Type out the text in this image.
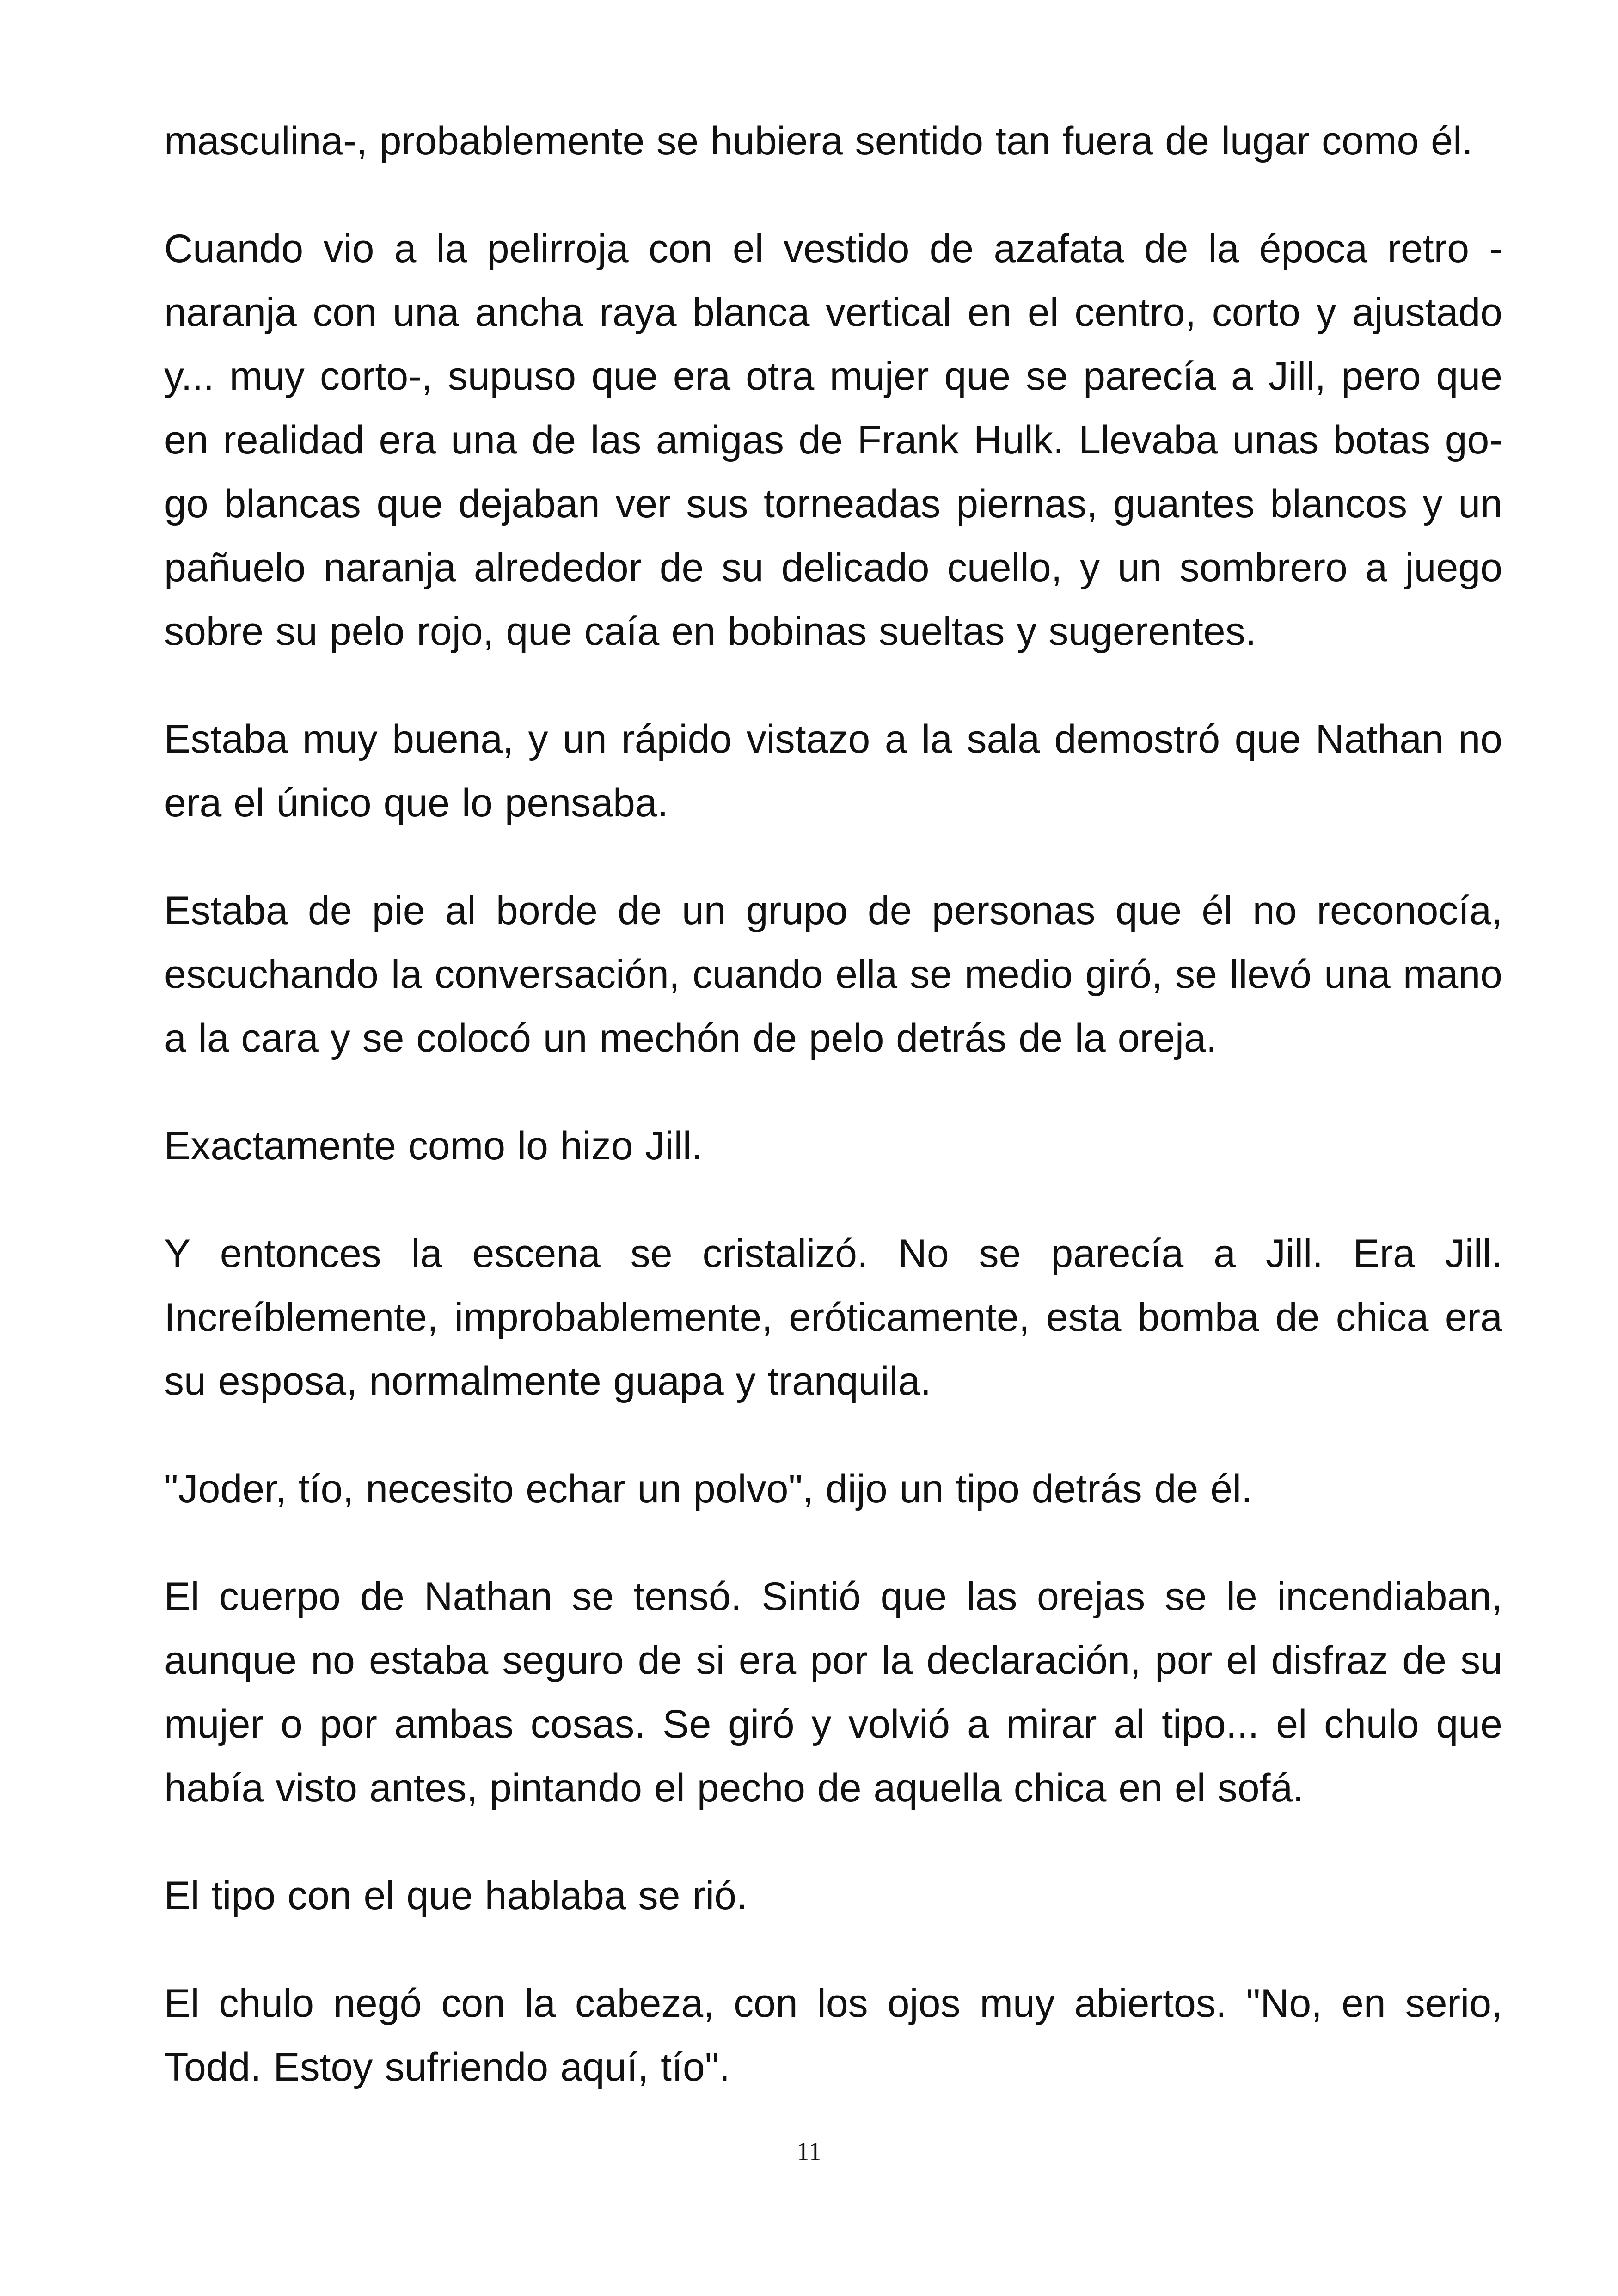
masculina-, probablemente se hubiera sentido tan fuera de lugar como él.

Cuando vio a la pelirroja con el vestido de azafata de la época retro - naranja con una ancha raya blanca vertical en el centro, corto y ajustado y... muy corto-, supuso que era otra mujer que se parecía a Jill, pero que en realidad era una de las amigas de Frank Hulk. Llevaba unas botas go-go blancas que dejaban ver sus torneadas piernas, guantes blancos y un pañuelo naranja alrededor de su delicado cuello, y un sombrero a juego sobre su pelo rojo, que caía en bobinas sueltas y sugerentes.

Estaba muy buena, y un rápido vistazo a la sala demostró que Nathan no era el único que lo pensaba.

Estaba de pie al borde de un grupo de personas que él no reconocía, escuchando la conversación, cuando ella se medio giró, se llevó una mano a la cara y se colocó un mechón de pelo detrás de la oreja.

Exactamente como lo hizo Jill.

Y entonces la escena se cristalizó. No se parecía a Jill. Era Jill. Increíblemente, improbablemente, eróticamente, esta bomba de chica era su esposa, normalmente guapa y tranquila.

"Joder, tío, necesito echar un polvo", dijo un tipo detrás de él.

El cuerpo de Nathan se tensó. Sintió que las orejas se le incendiaban, aunque no estaba seguro de si era por la declaración, por el disfraz de su mujer o por ambas cosas. Se giró y volvió a mirar al tipo... el chulo que había visto antes, pintando el pecho de aquella chica en el sofá.

El tipo con el que hablaba se rió.

El chulo negó con la cabeza, con los ojos muy abiertos. "No, en serio, Todd. Estoy sufriendo aquí, tío".

11
